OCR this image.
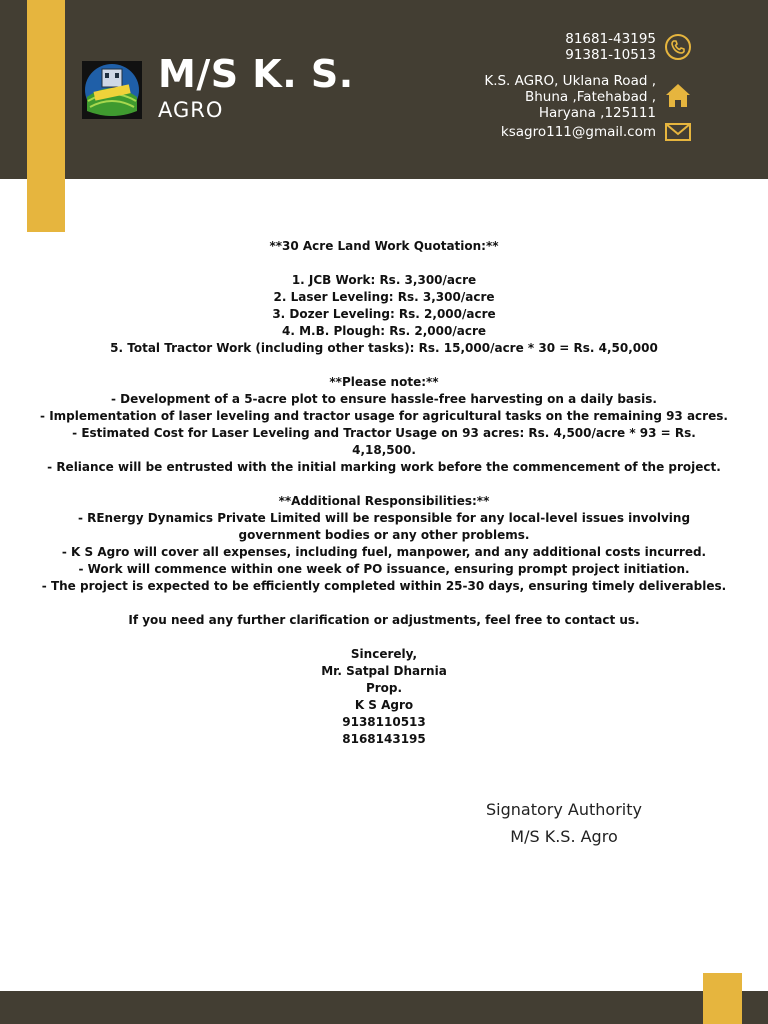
M/S K. S.
AGRO
81681-43195
91381-10513
K.S. AGRO, Uklana Road ,
Bhuna ,Fatehabad ,
Haryana ,125111
ksagro111@gmail.com

**30 Acre Land Work Quotation:**

1. JCB Work: Rs. 3,300/acre

2. Laser Leveling: Rs. 3,300/acre

3. Dozer Leveling: Rs. 2,000/acre

4. M.B. Plough: Rs. 2,000/acre

5. Total Tractor Work (including other tasks): Rs. 15,000/acre * 30 = Rs. 4,50,000

**Please note:**

- Development of a 5-acre plot to ensure hassle-free harvesting on a daily basis.

- Implementation of laser leveling and tractor usage for agricultural tasks on the remaining 93 acres.

- Estimated Cost for Laser Leveling and Tractor Usage on 93 acres: Rs. 4,500/acre * 93 = Rs. 4,18,500.

- Reliance will be entrusted with the initial marking work before the commencement of the project.

**Additional Responsibilities:**

- REnergy Dynamics Private Limited will be responsible for any local-level issues involving government bodies or any other problems.

- K S Agro will cover all expenses, including fuel, manpower, and any additional costs incurred.

- Work will commence within one week of PO issuance, ensuring prompt project initiation.

- The project is expected to be efficiently completed within 25-30 days, ensuring timely deliverables.

If you need any further clarification or adjustments, feel free to contact us.

Sincerely,

Mr. Satpal Dharnia

Prop.

K S Agro

9138110513

8168143195

Signatory Authority

M/S K.S. Agro
